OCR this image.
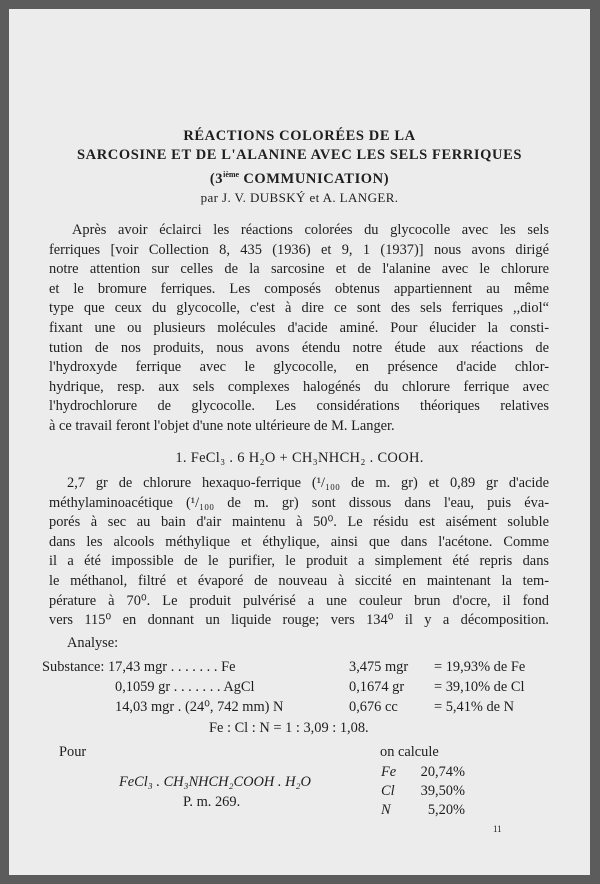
RÉACTIONS COLORÉES DE LA
SARCOSINE ET DE L'ALANINE AVEC LES SELS FERRIQUES
(3ième COMMUNICATION)
par J. V. DUBSKÝ et A. LANGER.
Après avoir éclairci les réactions colorées du glycocolle avec les sels
ferriques [voir Collection 8, 435 (1936) et 9, 1 (1937)] nous avons dirigé
notre attention sur celles de la sarcosine et de l'alanine avec le chlorure
et le bromure ferriques. Les composés obtenus appartiennent au même
type que ceux du glycocolle, c'est à dire ce sont des sels ferriques ,,diol“
fixant une ou plusieurs molécules d'acide aminé. Pour élucider la consti-
tution de nos produits, nous avons étendu notre étude aux réactions de
l'hydroxyde ferrique avec le glycocolle, en présence d'acide chlor-
hydrique, resp. aux sels complexes halogénés du chlorure ferrique avec
l'hydrochlorure de glycocolle. Les considérations théoriques relatives
à ce travail feront l'objet d'une note ultérieure de M. Langer.
1. FeCl₃ . 6 H₂O + CH₃NHCH₂ . COOH.
2,7 gr de chlorure hexaquo-ferrique (¹/₁₀₀ de m. gr) et 0,89 gr d'acide
méthylaminoacétique (¹/₁₀₀ de m. gr) sont dissous dans l'eau, puis éva-
porés à sec au bain d'air maintenu à 50⁰. Le résidu est aisément soluble
dans les alcools méthylique et éthylique, ainsi que dans l'acétone. Comme
il a été impossible de le purifier, le produit a simplement été repris dans
le méthanol, filtré et évaporé de nouveau à siccité en maintenant la tem-
pérature à 70⁰. Le produit pulvérisé a une couleur brun d'ocre, il fond
vers 115⁰ en donnant un liquide rouge; vers 134⁰ il y a décomposition.
Analyse:
Substance: 17,43 mgr . . . . . . . Fe	3,475 mgr = 19,93% de Fe
0,1059 gr . . . . . . . AgCl	0,1674 gr = 39,10% de Cl
14,03 mgr . (24⁰, 742 mm) N	0,676 cc	= 5,41% de N
Fe : Cl : N = 1 : 3,09 : 1,08.
Pour	on calcule
FeCl₃ . CH₃NHCH₂COOH . H₂O
P. m. 269.
Fe	20,74%
Cl	39,50%
N	5,20%
11
